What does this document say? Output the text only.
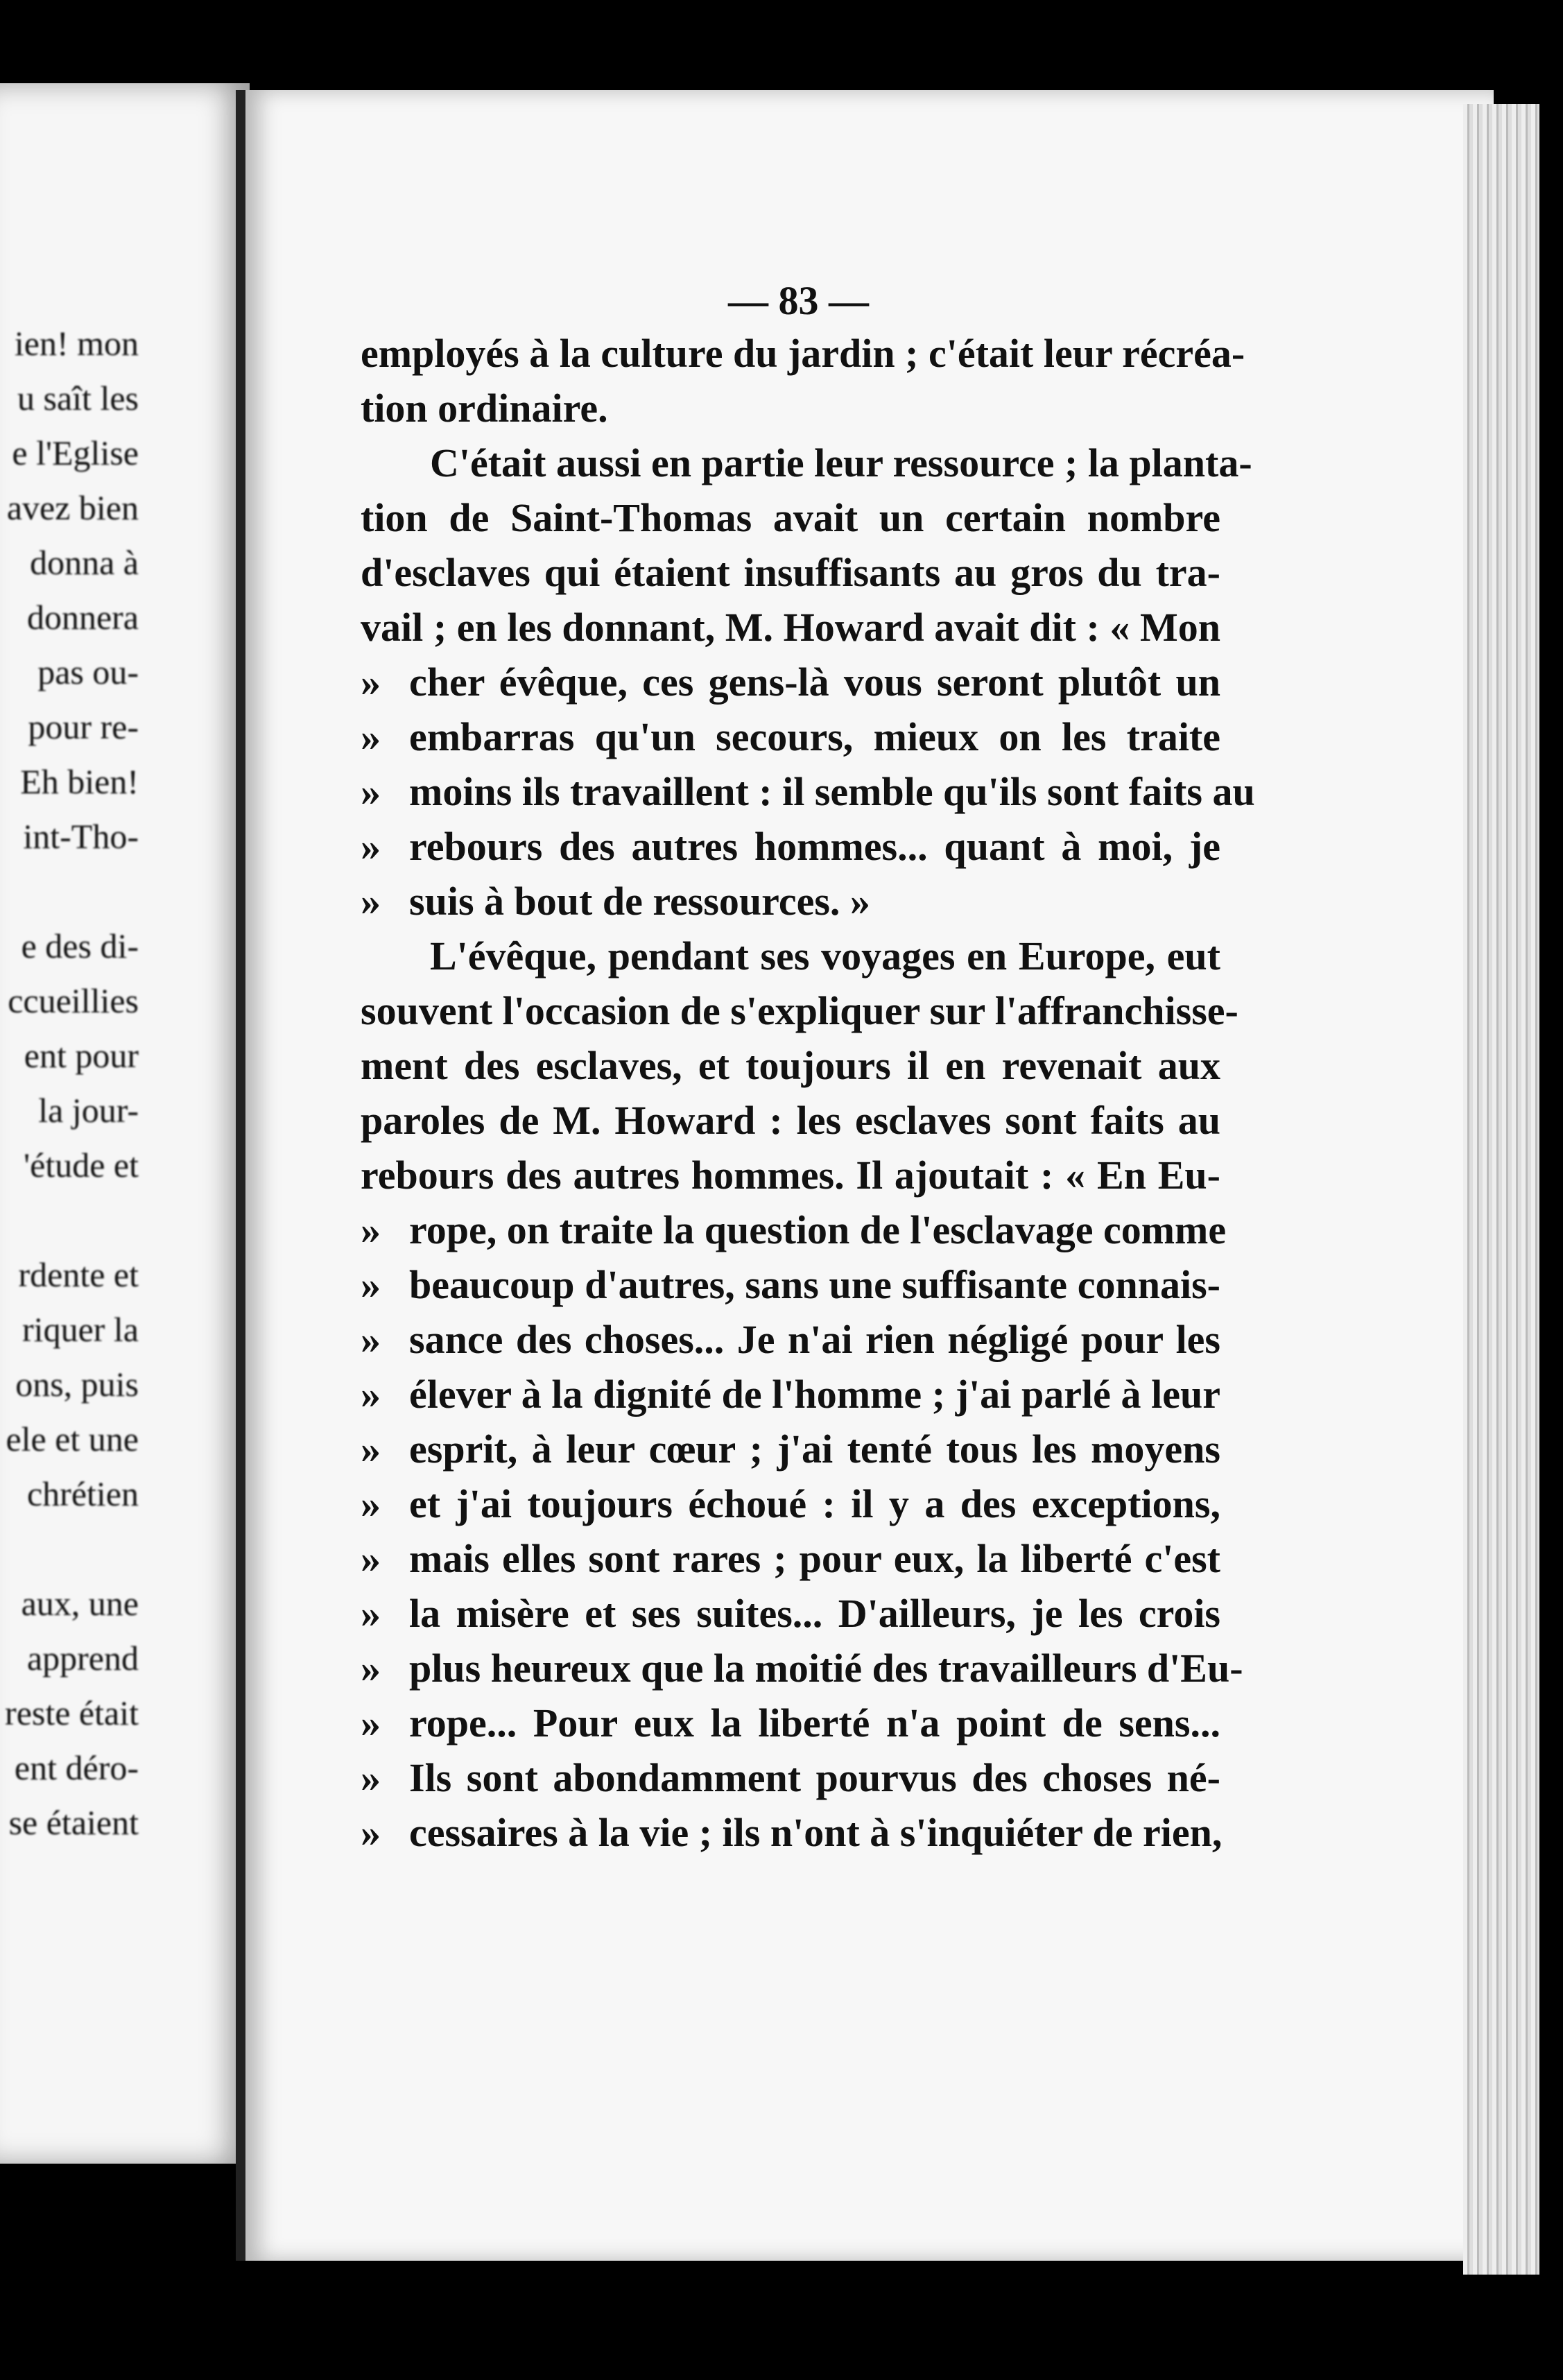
ien! mon
u saît les
e l'Eglise
avez bien
donna à
donnera
pas ou-
pour re-
Eh bien!
int-Tho-
e des di-
ccueillies
ent pour
la jour-
'étude et
rdente et
riquer la
ons, puis
ele et une
chrétien
aux, une
apprend
reste était
ent déro-
se étaient
— 83 —
employés à la culture du jardin ; c'était leur récréa-
tion ordinaire.
C'était aussi en partie leur ressource ; la planta-
tion de Saint-Thomas avait un certain nombre
d'esclaves qui étaient insuffisants au gros du tra-
vail ; en les donnant, M. Howard avait dit : « Mon
» cher évêque, ces gens-là vous seront plutôt un
» embarras qu'un secours, mieux on les traite
» moins ils travaillent : il semble qu'ils sont faits au
» rebours des autres hommes... quant à moi, je
» suis à bout de ressources. »
L'évêque, pendant ses voyages en Europe, eut
souvent l'occasion de s'expliquer sur l'affranchisse-
ment des esclaves, et toujours il en revenait aux
paroles de M. Howard : les esclaves sont faits au
rebours des autres hommes. Il ajoutait : « En Eu-
» rope, on traite la question de l'esclavage comme
» beaucoup d'autres, sans une suffisante connais-
» sance des choses... Je n'ai rien négligé pour les
» élever à la dignité de l'homme ; j'ai parlé à leur
» esprit, à leur cœur ; j'ai tenté tous les moyens
» et j'ai toujours échoué : il y a des exceptions,
» mais elles sont rares ; pour eux, la liberté c'est
» la misère et ses suites... D'ailleurs, je les crois
» plus heureux que la moitié des travailleurs d'Eu-
» rope... Pour eux la liberté n'a point de sens...
» Ils sont abondamment pourvus des choses né-
» cessaires à la vie ; ils n'ont à s'inquiéter de rien,
